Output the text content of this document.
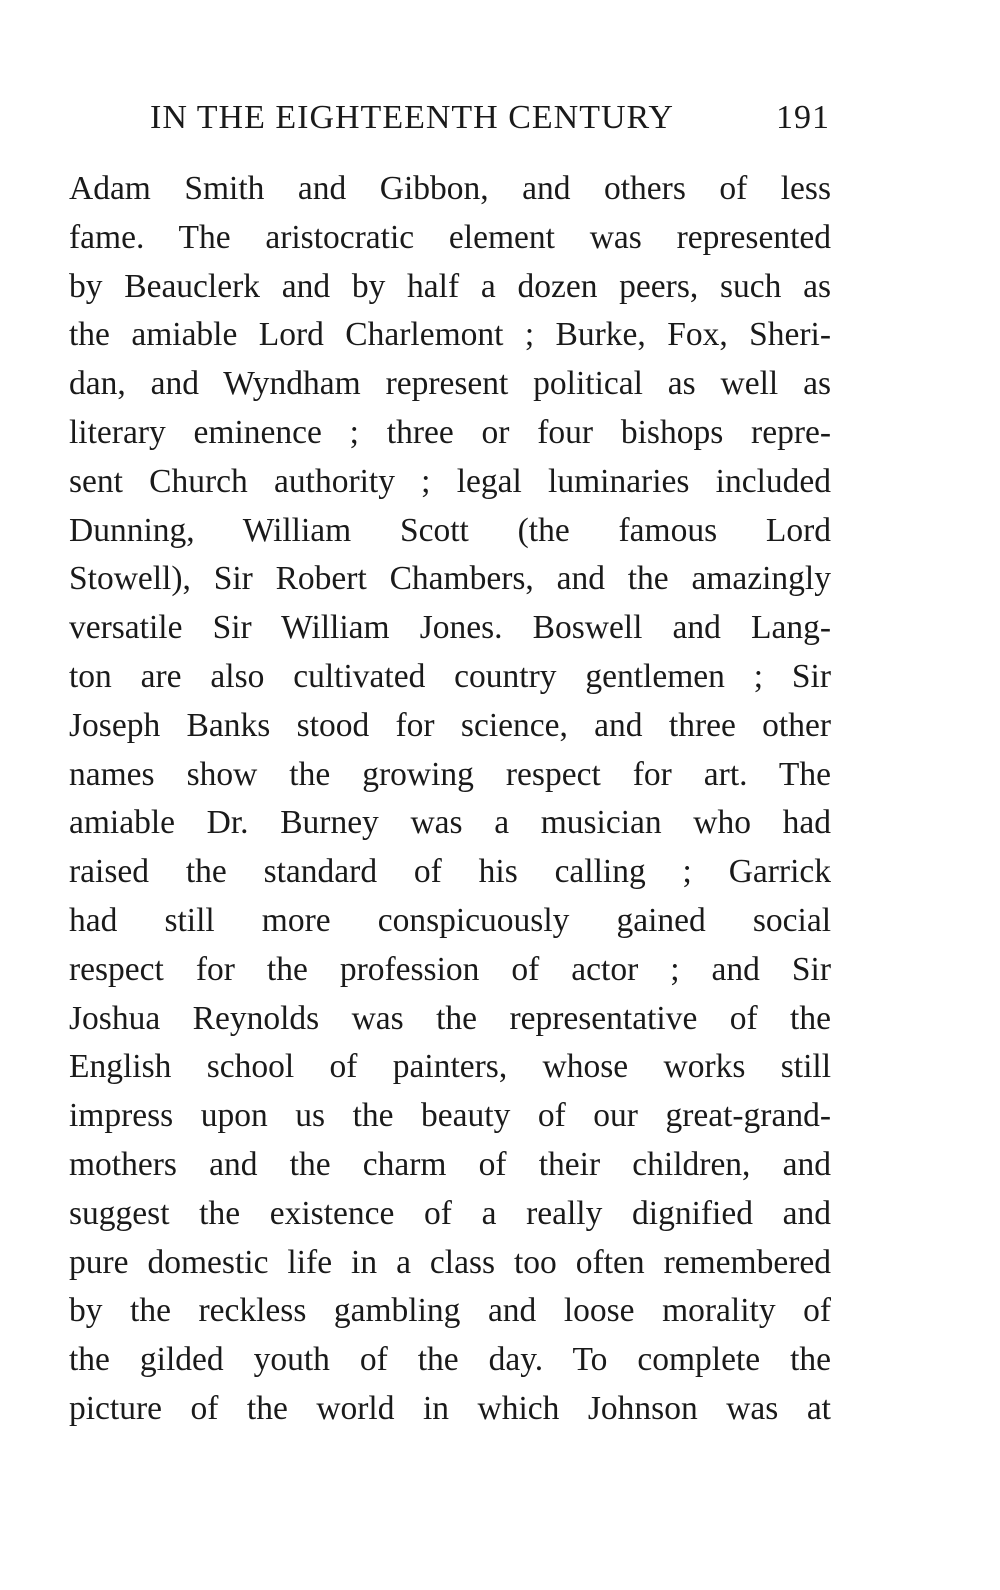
IN THE EIGHTEENTH CENTURY	191
Adam Smith and Gibbon, and others of less
fame. The aristocratic element was represented
by Beauclerk and by half a dozen peers, such as
the amiable Lord Charlemont ; Burke, Fox, Sheri-
dan, and Wyndham represent political as well as
literary eminence ; three or four bishops repre-
sent Church authority ; legal luminaries included
Dunning, William Scott (the famous Lord
Stowell), Sir Robert Chambers, and the amazingly
versatile Sir William Jones. Boswell and Lang-
ton are also cultivated country gentlemen ; Sir
Joseph Banks stood for science, and three other
names show the growing respect for art. The
amiable Dr. Burney was a musician who had
raised the standard of his calling ; Garrick
had still more conspicuously gained social
respect for the profession of actor ; and Sir
Joshua Reynolds was the representative of the
English school of painters, whose works still
impress upon us the beauty of our great-grand-
mothers and the charm of their children, and
suggest the existence of a really dignified and
pure domestic life in a class too often remembered
by the reckless gambling and loose morality of
the gilded youth of the day. To complete the
picture of the world in which Johnson was at
